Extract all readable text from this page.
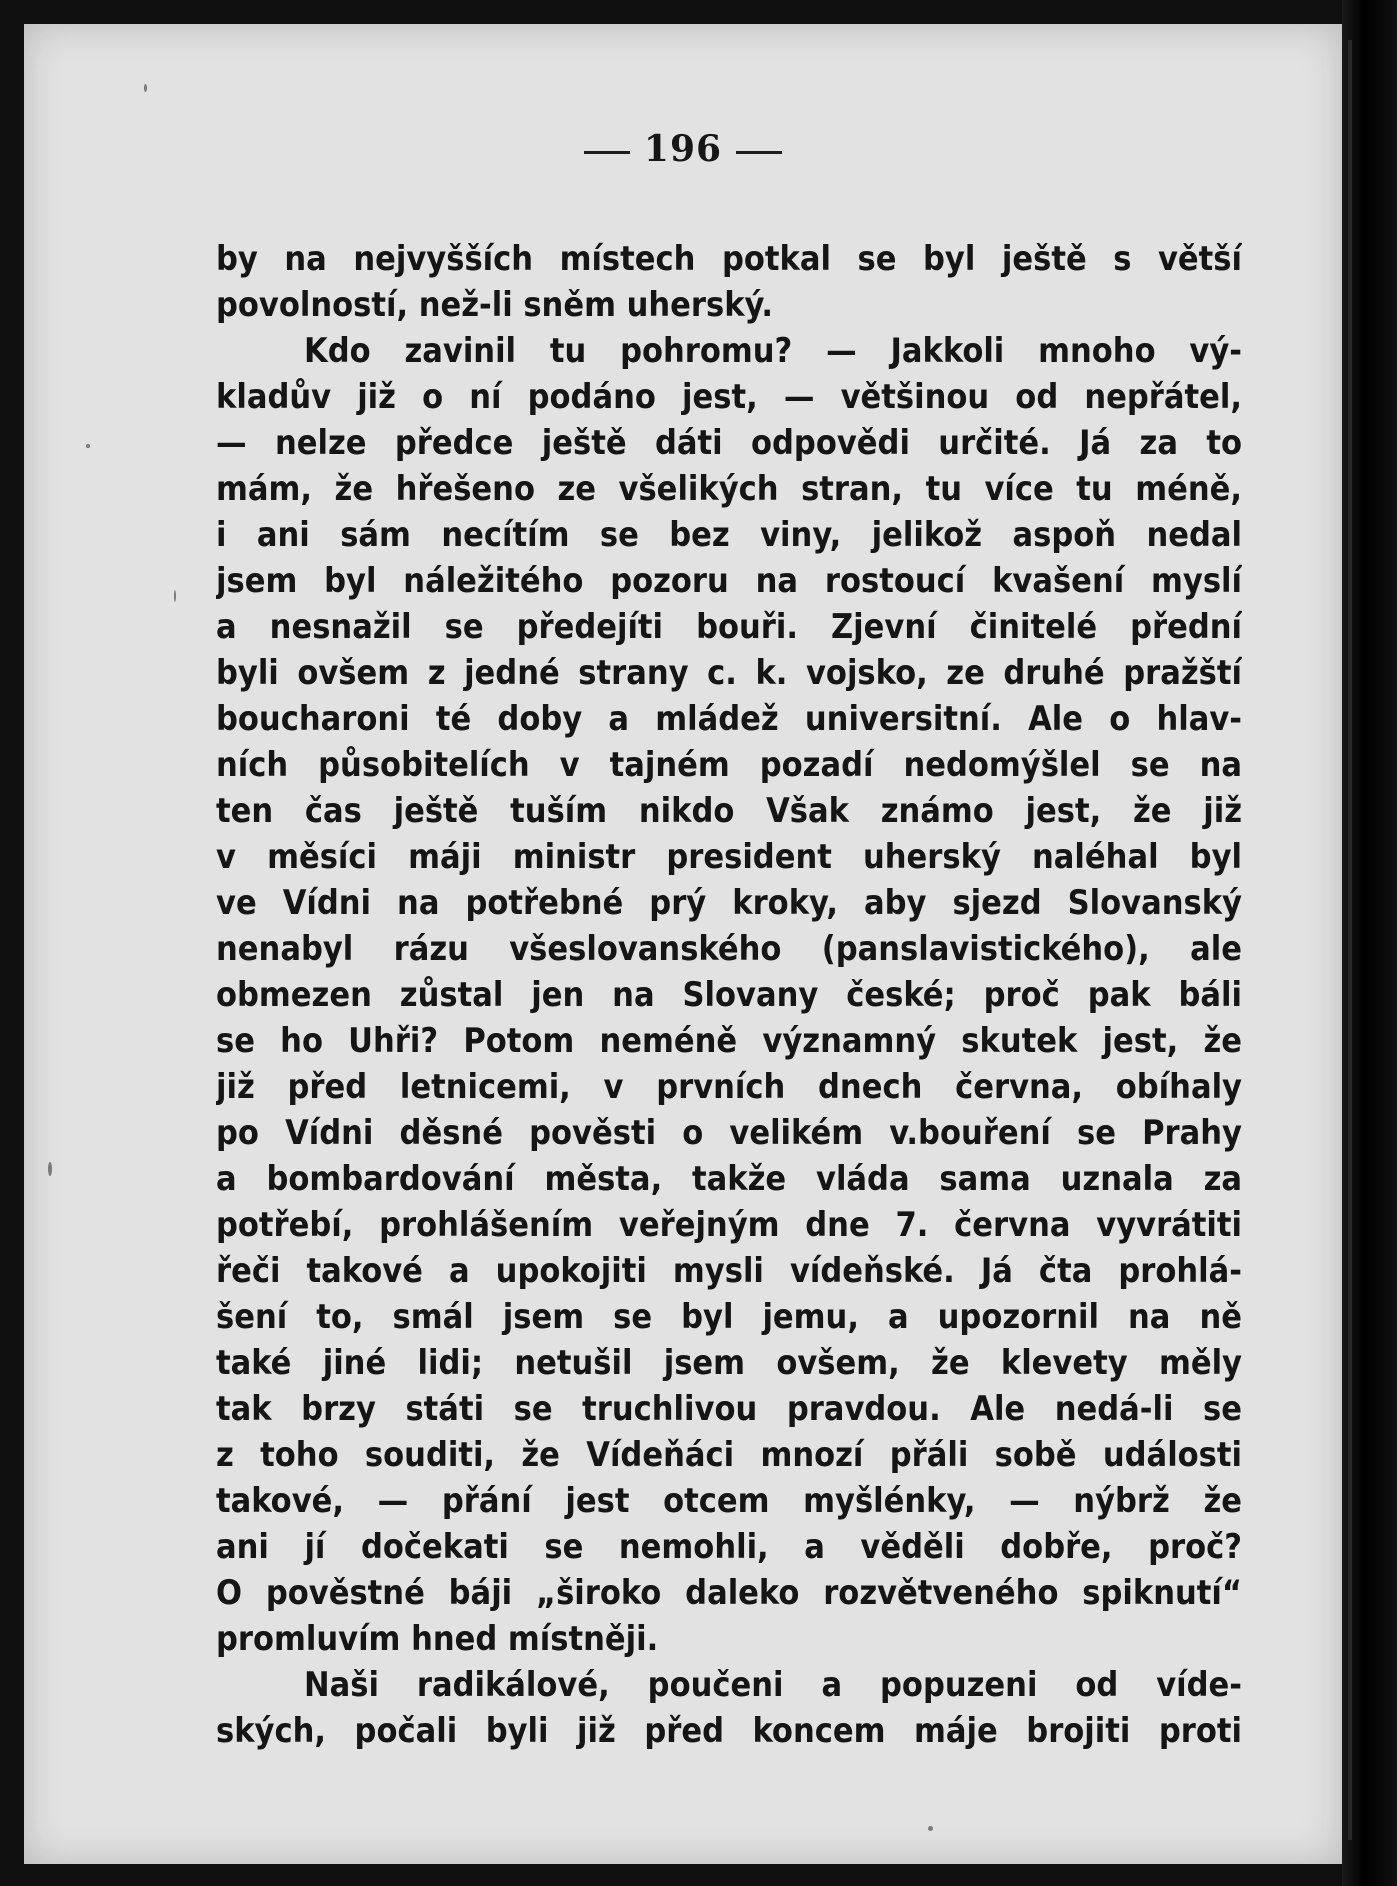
196
by na nejvyšších místech potkal se byl ještě s větší
povolností, než-li sněm uherský.
Kdo zavinil tu pohromu? — Jakkoli mnoho vý-
kladův již o ní podáno jest, — většinou od nepřátel,
— nelze předce ještě dáti odpovědi určité. Já za to
mám, že hřešeno ze všelikých stran, tu více tu méně,
i ani sám necítím se bez viny, jelikož aspoň nedal
jsem byl náležitého pozoru na rostoucí kvašení myslí
a nesnažil se předejíti bouři. Zjevní činitelé přední
byli ovšem z jedné strany c. k. vojsko, ze druhé pražští
boucharoni té doby a mládež universitní. Ale o hlav-
ních působitelích v tajném pozadí nedomýšlel se na
ten čas ještě tuším nikdo Však známo jest, že již
v měsíci máji ministr president uherský naléhal byl
ve Vídni na potřebné prý kroky, aby sjezd Slovanský
nenabyl rázu všeslovanského (panslavistického), ale
obmezen zůstal jen na Slovany české; proč pak báli
se ho Uhři? Potom neméně významný skutek jest, že
již před letnicemi, v prvních dnech června, obíhaly
po Vídni děsné pověsti o velikém v.bouření se Prahy
a bombardování města, takže vláda sama uznala za
potřebí, prohlášením veřejným dne 7. června vyvrátiti
řeči takové a upokojiti mysli vídeňské. Já čta prohlá-
šení to, smál jsem se byl jemu, a upozornil na ně
také jiné lidi; netušil jsem ovšem, že klevety měly
tak brzy státi se truchlivou pravdou. Ale nedá-li se
z toho souditi, že Vídeňáci mnozí přáli sobě události
takové, — přání jest otcem myšlénky, — nýbrž že
ani jí dočekati se nemohli, a věděli dobře, proč?
O pověstné báji „široko daleko rozvětveného spiknutí“
promluvím hned místněji.
Naši radikálové, poučeni a popuzeni od víde-
ských, počali byli již před koncem máje brojiti proti
